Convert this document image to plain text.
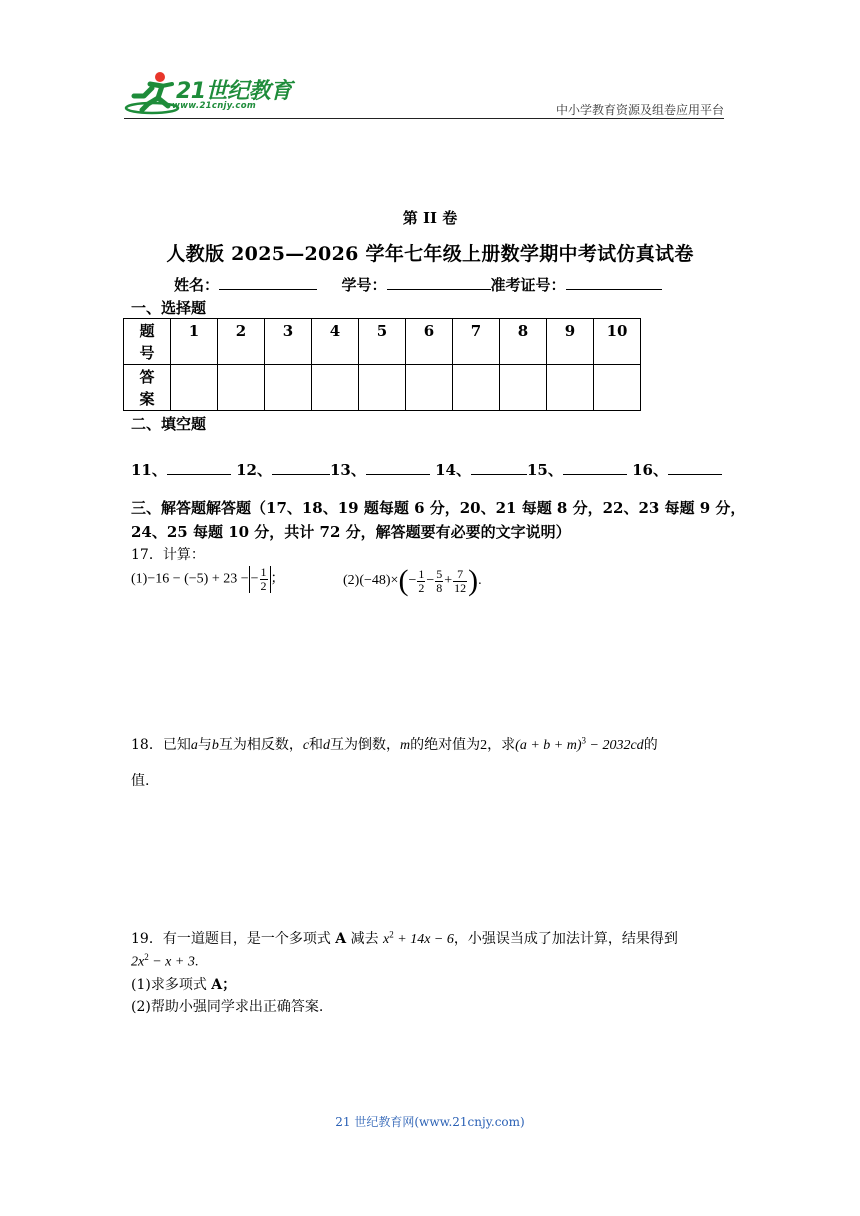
21世纪教育
www.21cnjy.com	中小学教育资源及组卷应用平台
第 II 卷
人教版 2025—2026 学年七年级上册数学期中考试仿真试卷
姓名：	学号：	准考证号：
一、选择题
题
号	1	2	3	4	5	6	7	8	9	10
答
案										
二、填空题
11、	12、	13、	14、	15、	16、
三、解答题解答题（17、18、19 题每题 6 分，20、21 每题 8 分，22、23 每题 9 分，24、25 每题 10 分，共计 72 分，解答题要有必要的文字说明）
17．计算：
(1)−16 − (−5) + 23 − − $\frac{1}{2}$ ；	$(2)(-48)\times(- \frac{1}{2} - \frac{5}{8} + \frac{7}{12}$ ).
18．已知a与b互为相反数，c和d互为倒数，m的绝对值为2，求$(a + b + m)^3 - 2032cd$的
值.
19．有一道题目，是一个多项式 A 减去 $x^2 + 14x - 6$，小强误当成了加法计算，结果得到
$2x^2 - x + 3$.
(1)求多项式 A；
(2)帮助小强同学求出正确答案.
21 世纪教育网(www.21cnjy.com)
